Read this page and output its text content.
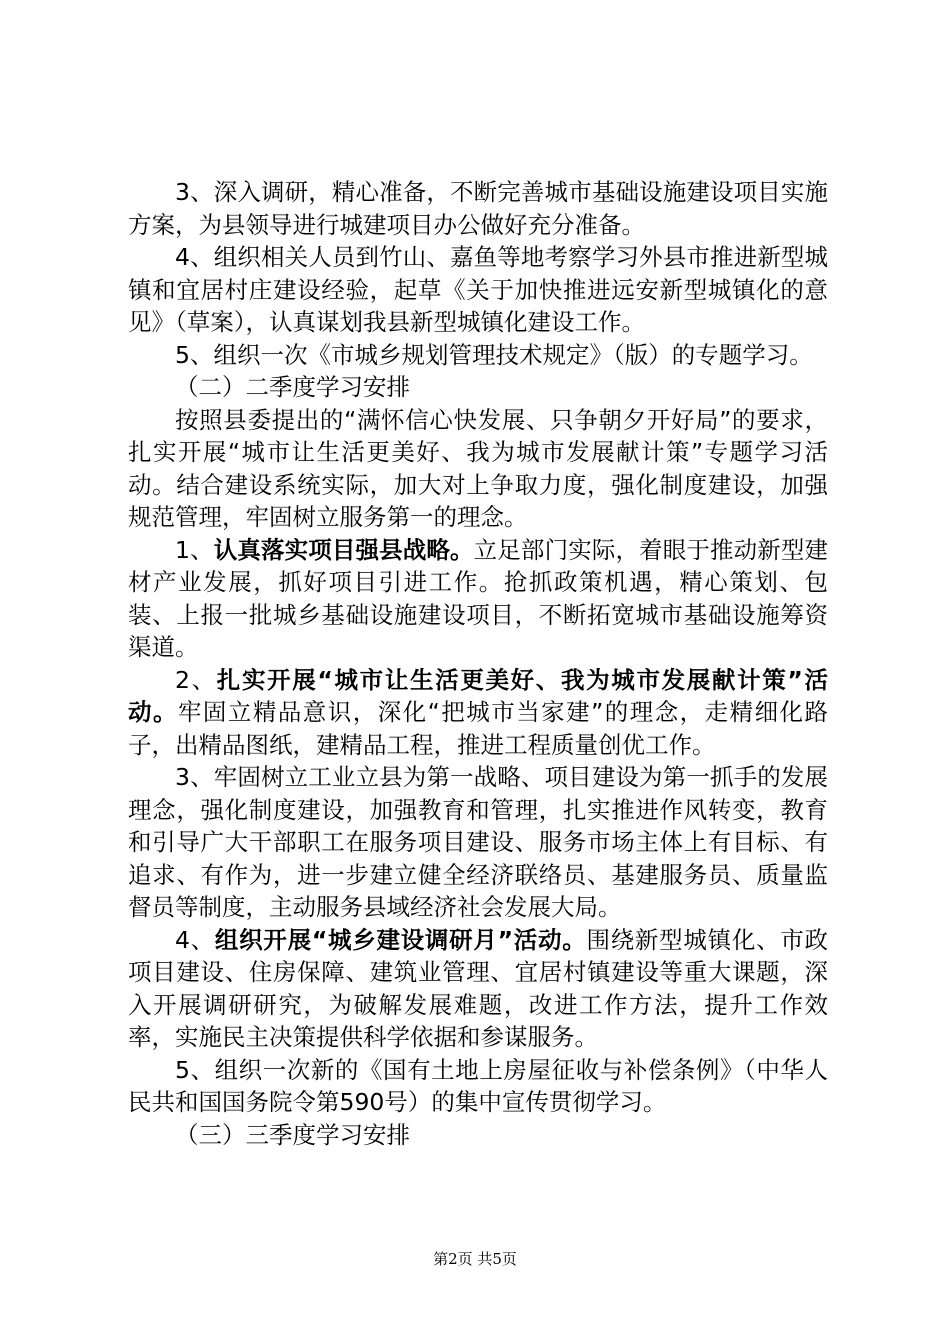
3、深入调研，精心准备，不断完善城市基础设施建设项目实施方案，为县领导进行城建项目办公做好充分准备。

4、组织相关人员到竹山、嘉鱼等地考察学习外县市推进新型城镇和宜居村庄建设经验，起草《关于加快推进远安新型城镇化的意见》（草案），认真谋划我县新型城镇化建设工作。

5、组织一次《市城乡规划管理技术规定》（版）的专题学习。

（二）二季度学习安排

按照县委提出的“满怀信心快发展、只争朝夕开好局”的要求，扎实开展“城市让生活更美好、我为城市发展献计策”专题学习活动。结合建设系统实际，加大对上争取力度，强化制度建设，加强规范管理，牢固树立服务第一的理念。

1、认真落实项目强县战略。立足部门实际，着眼于推动新型建材产业发展，抓好项目引进工作。抢抓政策机遇，精心策划、包装、上报一批城乡基础设施建设项目，不断拓宽城市基础设施筹资渠道。

2、扎实开展“城市让生活更美好、我为城市发展献计策”活动。牢固立精品意识，深化“把城市当家建”的理念，走精细化路子，出精品图纸，建精品工程，推进工程质量创优工作。

3、牢固树立工业立县为第一战略、项目建设为第一抓手的发展理念，强化制度建设，加强教育和管理，扎实推进作风转变，教育和引导广大干部职工在服务项目建设、服务市场主体上有目标、有追求、有作为，进一步建立健全经济联络员、基建服务员、质量监督员等制度，主动服务县域经济社会发展大局。

4、组织开展“城乡建设调研月”活动。围绕新型城镇化、市政项目建设、住房保障、建筑业管理、宜居村镇建设等重大课题，深入开展调研研究，为破解发展难题，改进工作方法，提升工作效率，实施民主决策提供科学依据和参谋服务。

5、组织一次新的《国有土地上房屋征收与补偿条例》（中华人民共和国国务院令第590号）的集中宣传贯彻学习。

（三）三季度学习安排

第2页 共5页
